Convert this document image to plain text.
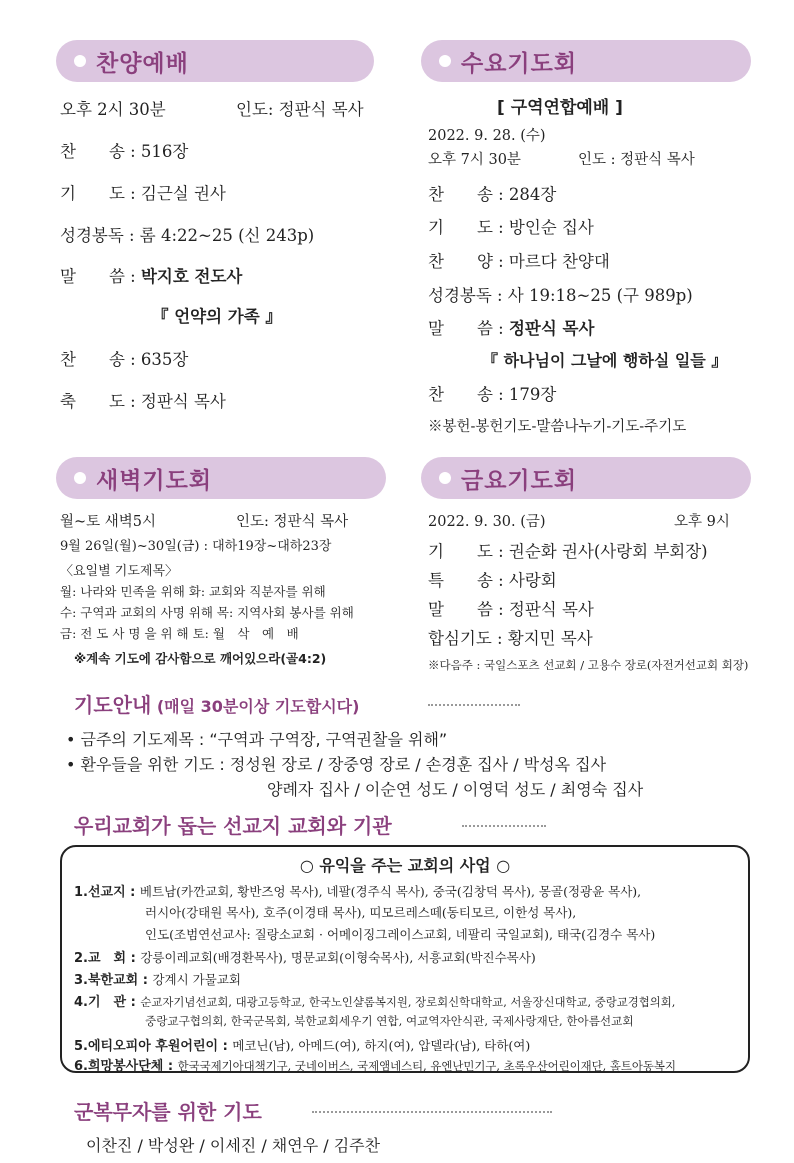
찬양예배
오후 2시 30분	인도: 정판식 목사
찬　　송 : 516장
기　　도 : 김근실 권사
성경봉독 : 롬 4:22~25 (신 243p)
말　　씀 : 박지호 전도사
『 언약의 가족 』
찬　　송 : 635장
축　　도 : 정판식 목사
수요기도회
[ 구역연합예배 ]
2022. 9. 28. (수)
오후 7시 30분	인도 : 정판식 목사
찬　　송 : 284장
기　　도 : 방인순 집사
찬　　양 : 마르다 찬양대
성경봉독 : 사 19:18~25 (구 989p)
말　　씀 : 정판식 목사
『 하나님이 그날에 행하실 일들 』
찬　　송 : 179장
※봉헌-봉헌기도-말씀나누기-기도-주기도
새벽기도회
월~토 새벽5시	인도: 정판식 목사
9월 26일(월)~30일(금) : 대하19장~대하23장
〈요일별 기도제목〉
월: 나라와 민족을 위해 화: 교회와 직분자를 위해
수: 구역과 교회의 사명 위해 목: 지역사회 봉사를 위해
금: 전 도 사 명 을 위 해 토: 월　삭　예　배
※계속 기도에 감사함으로 깨어있으라(골4:2)
금요기도회
2022. 9. 30. (금)	오후 9시
기　　도 : 권순화 권사(사랑회 부회장)
특　　송 : 사랑회
말　　씀 : 정판식 목사
합심기도 : 황지민 목사
※다음주 : 국일스포츠 선교회 / 고용수 장로(자전거선교회 회장)
기도안내 (매일 30분이상 기도합시다)
• 금주의 기도제목 : “구역과 구역장, 구역권찰을 위해”
• 환우들을 위한 기도 : 정성원 장로 / 장중영 장로 / 손경훈 집사 / 박성옥 집사
양례자 집사 / 이순연 성도 / 이영덕 성도 / 최영숙 집사
우리교회가 돕는 선교지 교회와 기관
○ 유익을 주는 교회의 사업 ○
1.선교지 : 베트남(카깐교회, 황반즈엉 목사), 네팔(경주식 목사), 중국(김창덕 목사), 몽골(정광윤 목사),
러시아(강태원 목사), 호주(이경태 목사), 띠모르레스떼(동티모르, 이한성 목사),
인도(조범연선교사: 질랑소교회 · 어메이징그레이스교회, 네팔리 국일교회), 태국(김경수 목사)
2.교　회 : 강릉이레교회(배경환목사), 명문교회(이형숙목사), 서흥교회(박진수목사)
3.북한교회 : 강계시 가물교회
4.기　관 : 순교자기념선교회, 대광고등학교, 한국노인샬롬복지원, 장로회신학대학교, 서울장신대학교, 중랑교경협의회,
중랑교구협의회, 한국군목회, 북한교회세우기 연합, 여교역자안식관, 국제사랑재단, 한아름선교회
5.에티오피아 후원어린이 : 메코닌(남), 아메드(여), 하지(여), 압델라(남), 타하(여)
6.희망봉사단체 : 한국국제기아대책기구, 굿네이버스, 국제앰네스티, 유엔난민기구, 초록우산어린이재단, 홀트아동복지
군복무자를 위한 기도
이찬진 / 박성완 / 이세진 / 채연우 / 김주찬
